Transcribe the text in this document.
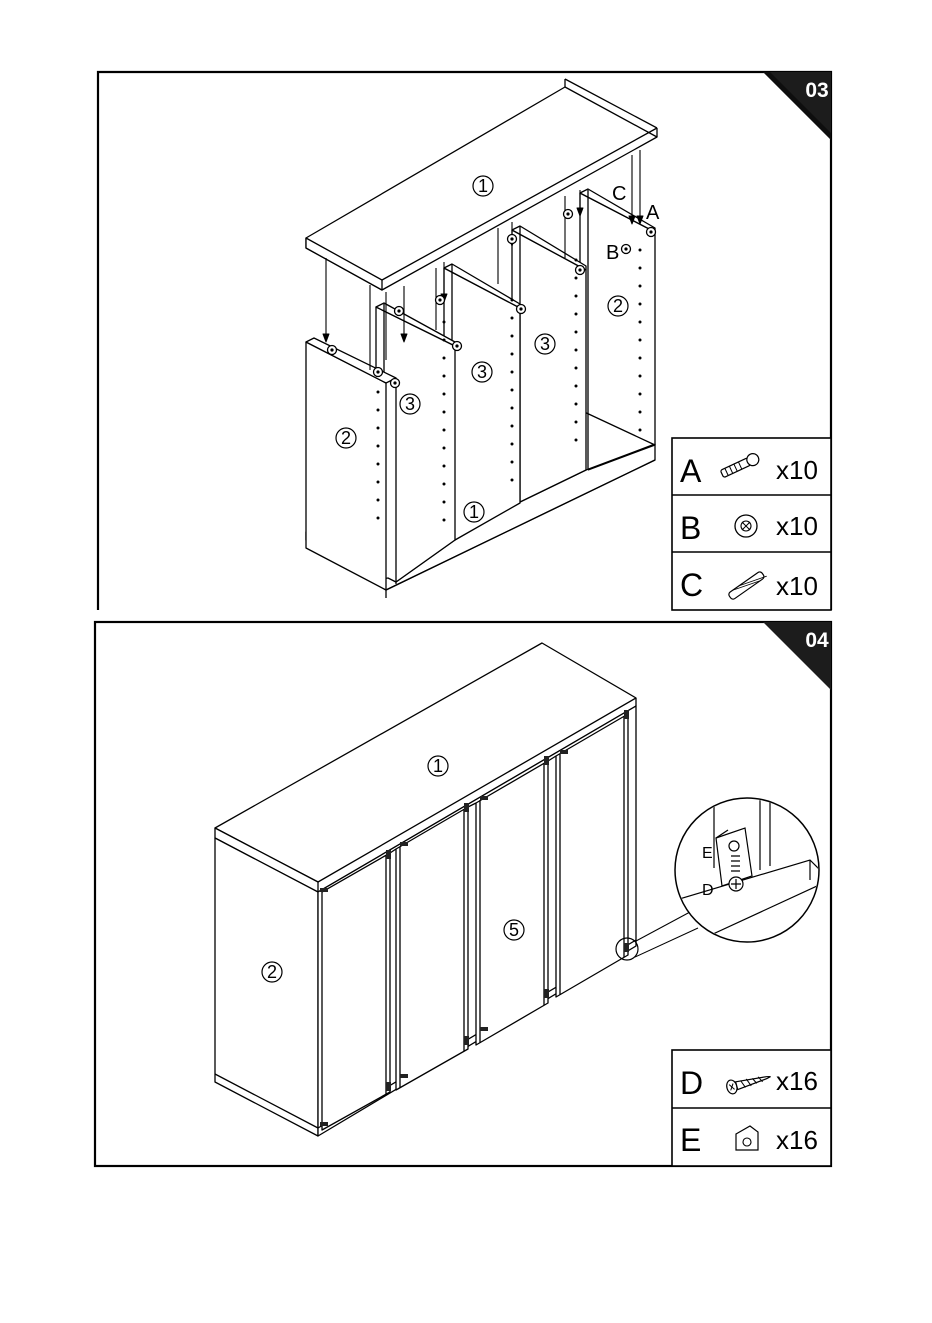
03
1
1
2
2
3
3
3
C
A
B
A	x10
B	x10
C	x10
04
1
2
5
E
D
D	x16
E	x16
